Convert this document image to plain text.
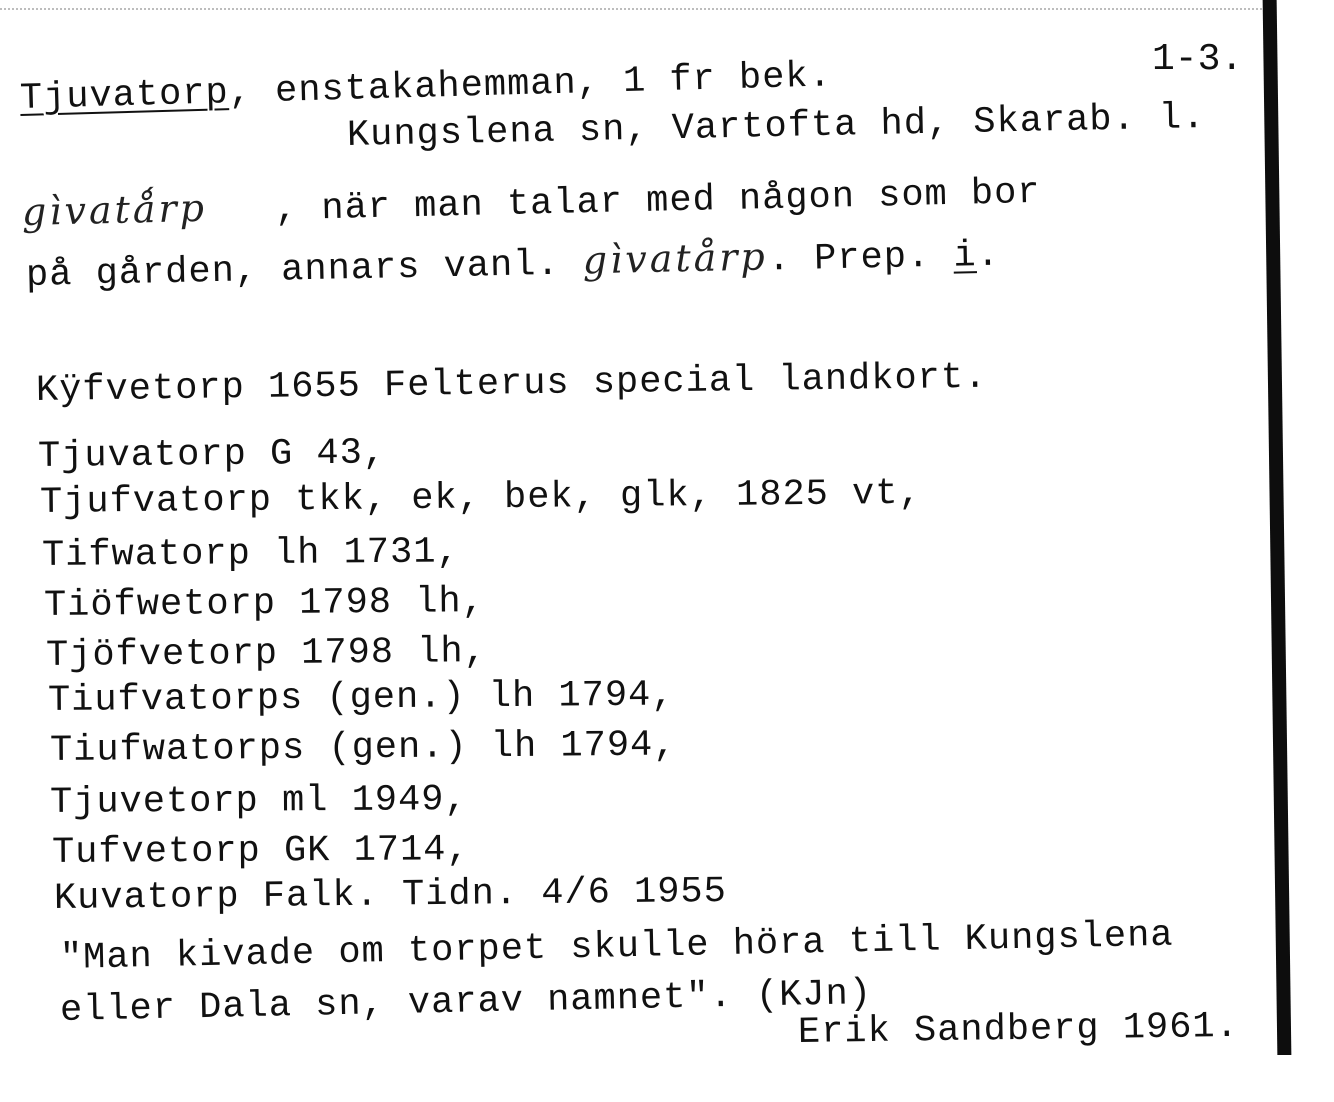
1-3.
Tjuvatorp, enstakahemman, 1 fr bek.
Kungslena sn, Vartofta hd, Skarab. l.
gìvatǻrp , när man talar med någon som bor
på gården, annars vanl. gìvatårp. Prep. i.
Kÿfvetorp 1655 Felterus special landkort.
Tjuvatorp G 43,
Tjufvatorp tkk, ek, bek, glk, 1825 vt,
Tifwatorp lh 1731,
Tiöfwetorp 1798 lh,
Tjöfvetorp 1798 lh,
Tiufvatorps (gen.) lh 1794,
Tiufwatorps (gen.) lh 1794,
Tjuvetorp ml 1949,
Tufvetorp GK 1714,
Kuvatorp Falk. Tidn. 4/6 1955
"Man kivade om torpet skulle höra till Kungslena
eller Dala sn, varav namnet". (KJn)
Erik Sandberg 1961.
